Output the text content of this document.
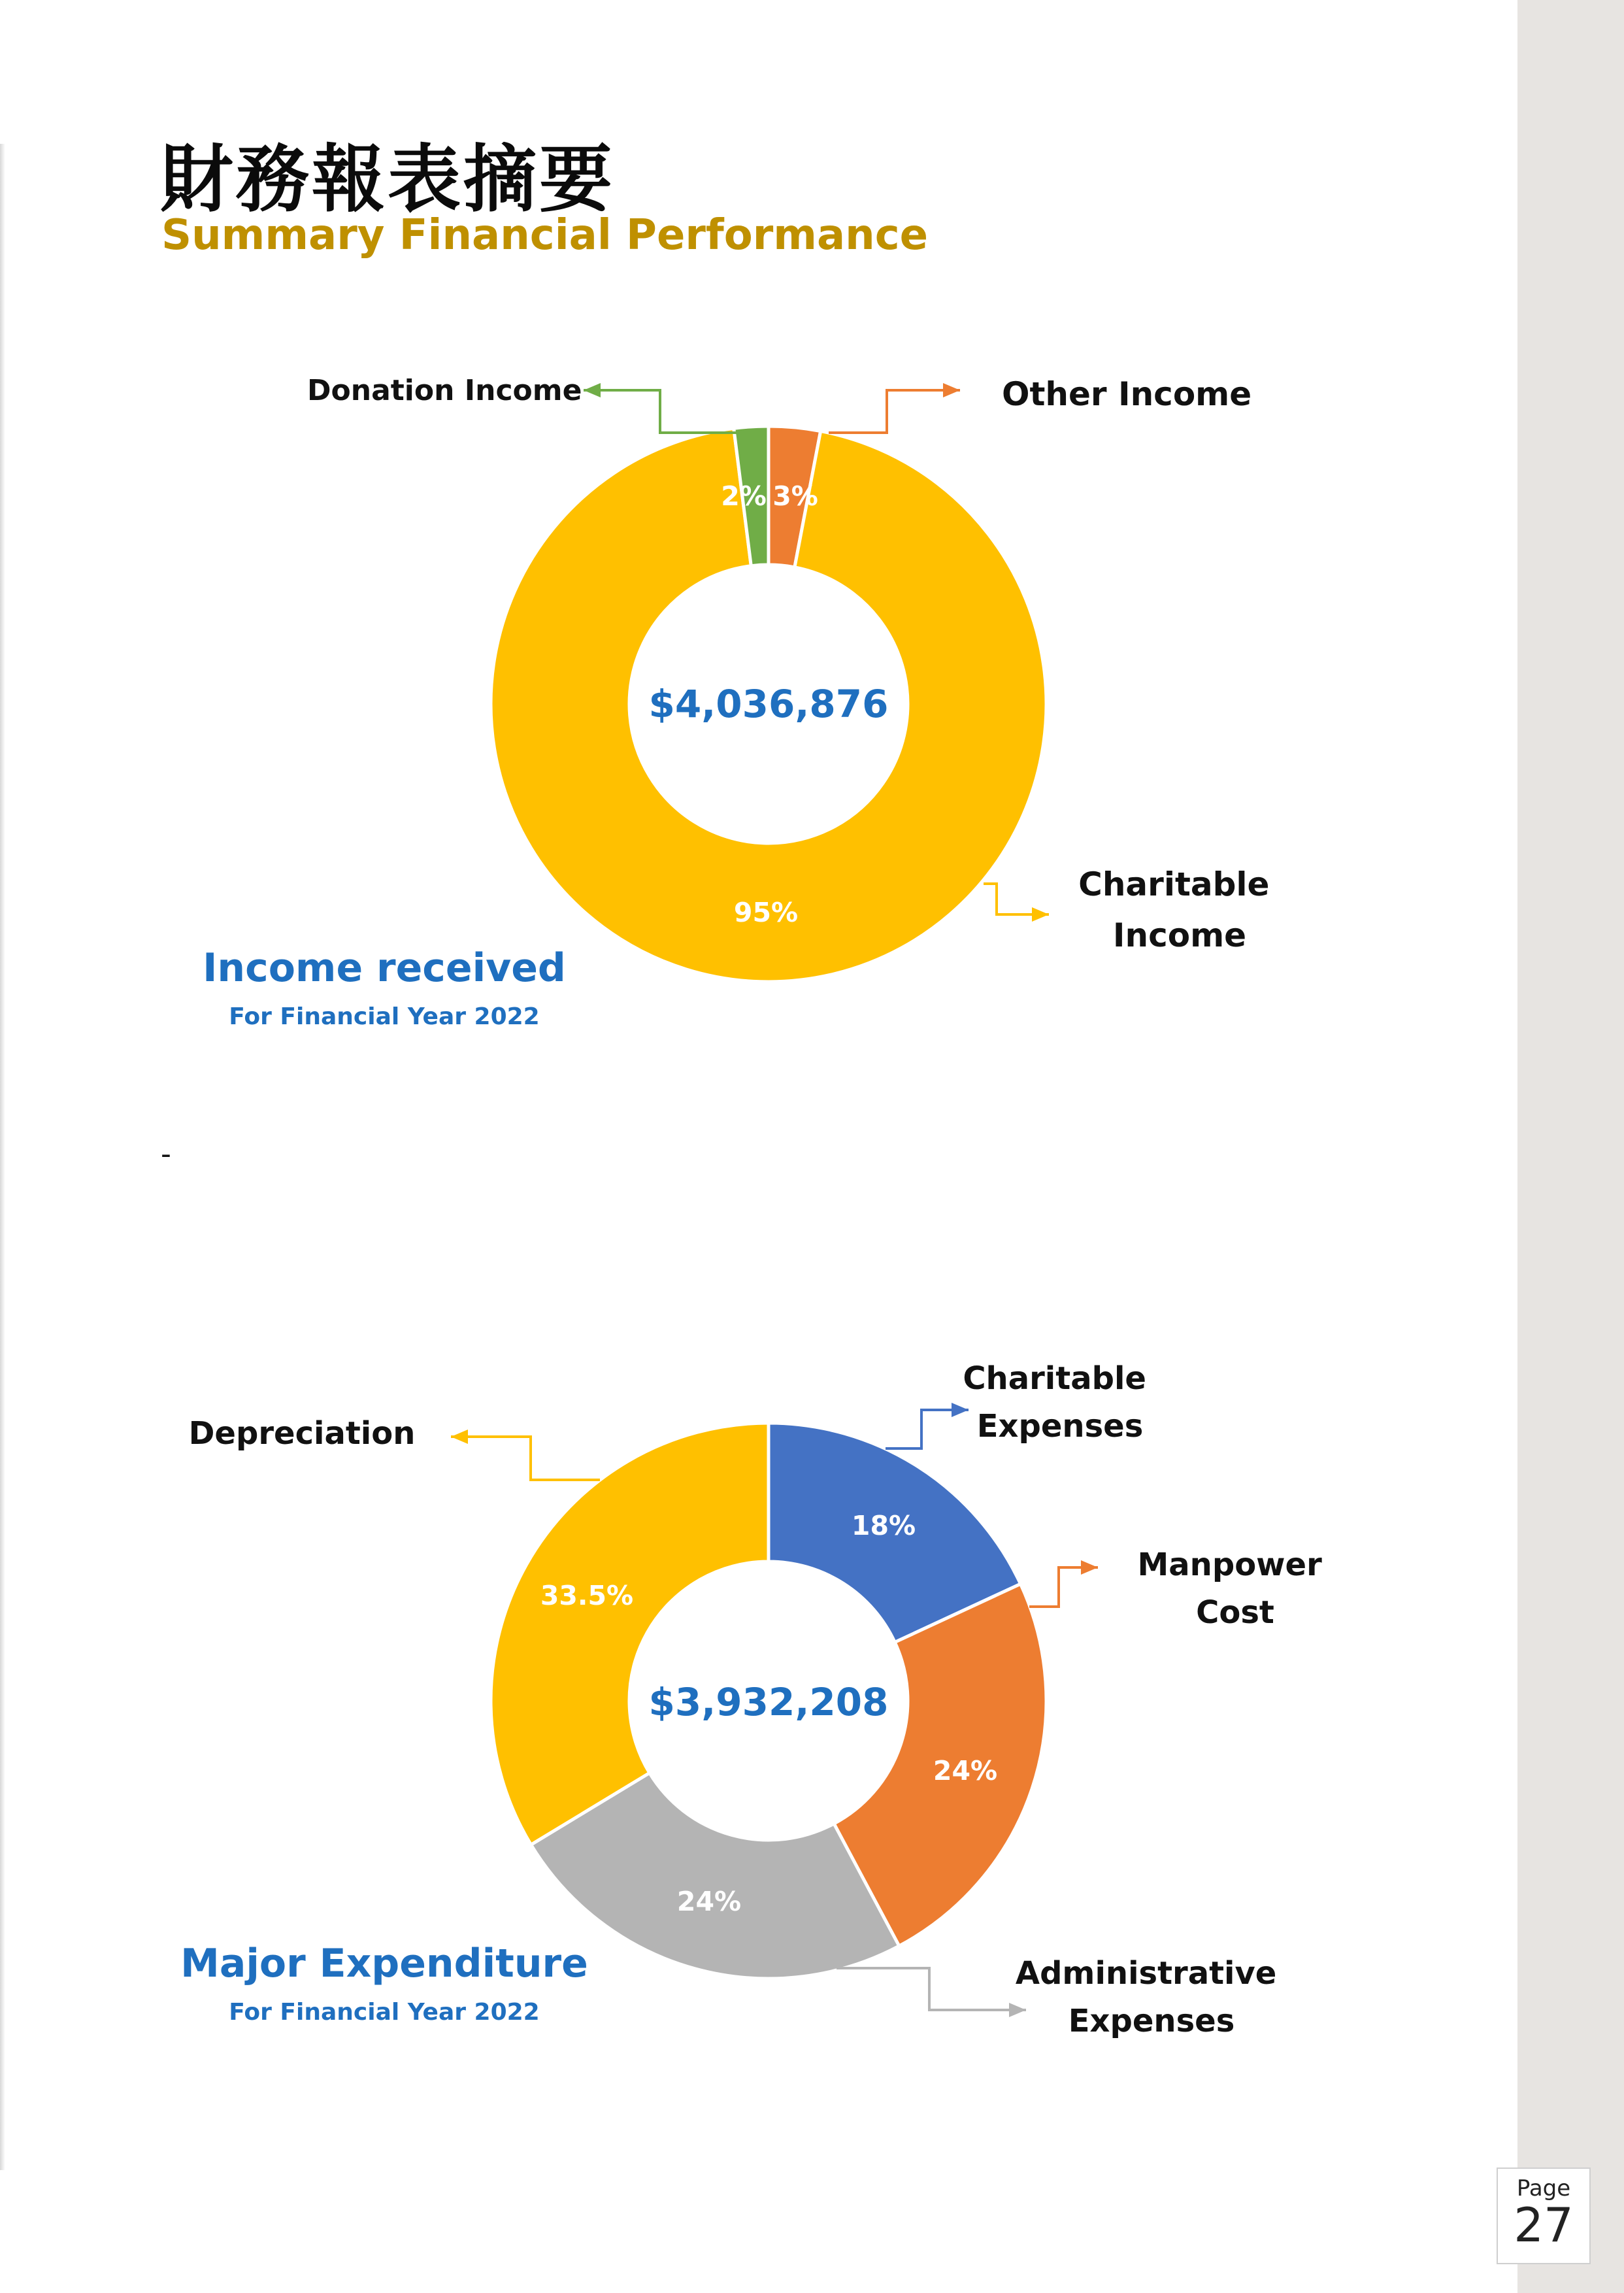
財務報表摘要
Summary Financial Performance
2% 3%
95%
$4,036,876
Donation Income	Other Income
Charitable Income
Income received
For Financial Year 2022
-
18%
24%
24%
33.5%
$3,932,208
Depreciation
Charitable Expenses
Manpower Cost
Administrative Expenses
Major Expenditure
For Financial Year 2022
Page
27
